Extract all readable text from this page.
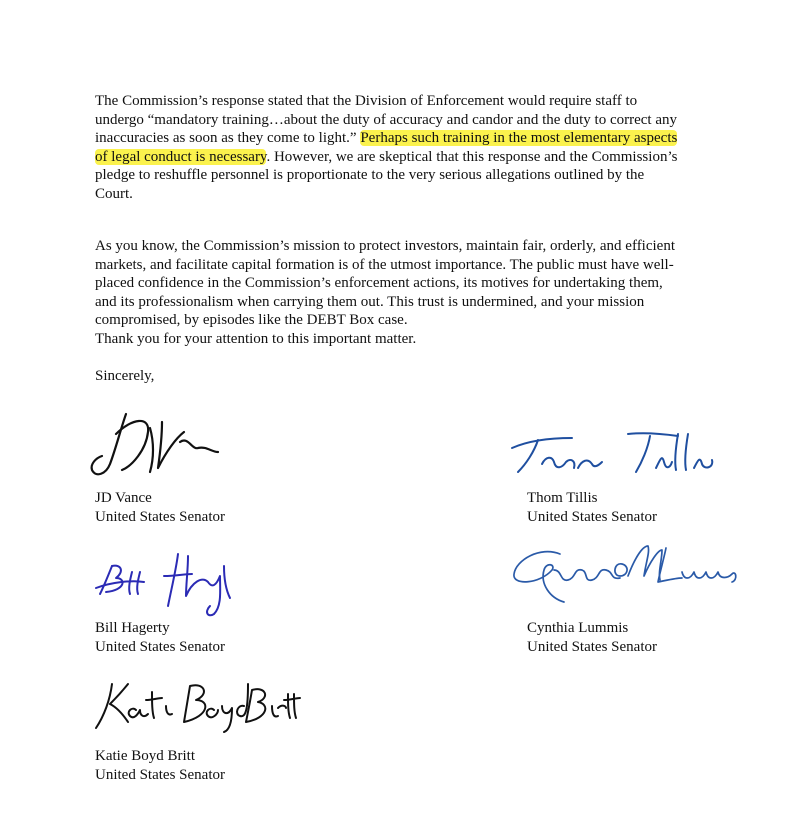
The Commission’s response stated that the Division of Enforcement would require staff to
undergo “mandatory training…about the duty of accuracy and candor and the duty to correct any
inaccuracies as soon as they come to light.” Perhaps such training in the most elementary aspects
of legal conduct is necessary. However, we are skeptical that this response and the Commission’s
pledge to reshuffle personnel is proportionate to the very serious allegations outlined by the
Court.

As you know, the Commission’s mission to protect investors, maintain fair, orderly, and efficient
markets, and facilitate capital formation is of the utmost importance. The public must have well-
placed confidence in the Commission’s enforcement actions, its motives for undertaking them,
and its professionalism when carrying them out. This trust is undermined, and your mission
compromised, by episodes like the DEBT Box case.

Thank you for your attention to this important matter.

Sincerely,

JD Vance
United States Senator
Thom Tillis
United States Senator
Bill Hagerty
United States Senator
Cynthia Lummis
United States Senator
Katie Boyd Britt
United States Senator
